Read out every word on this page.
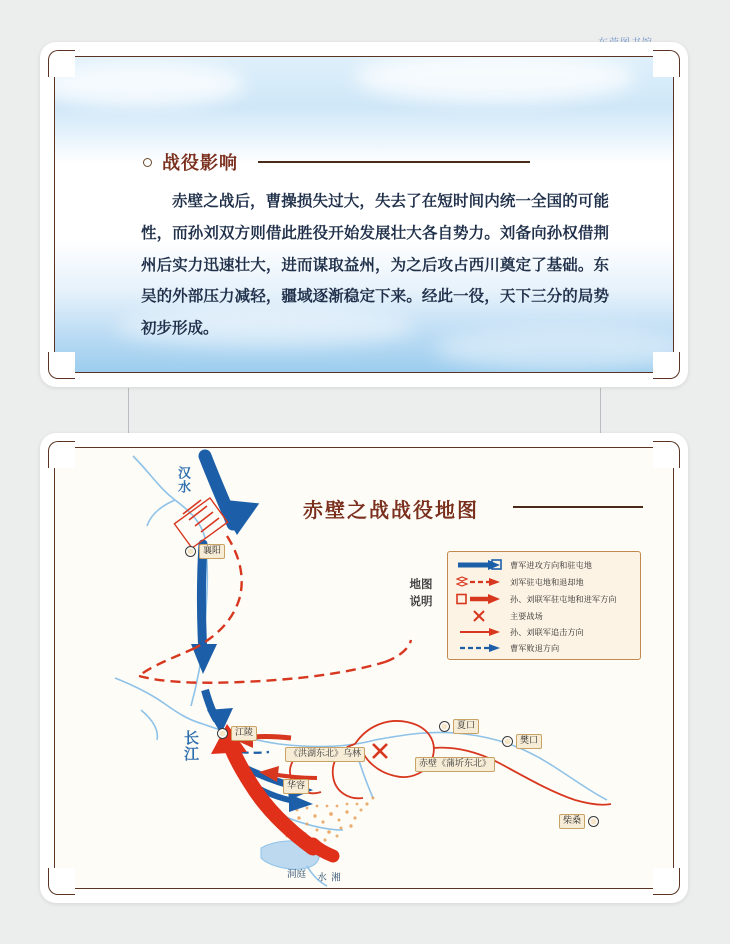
战役影响
赤壁之战后，曹操损失过大，失去了在短时间内统一全国的可能性，而孙刘双方则借此胜役开始发展壮大各自势力。刘备向孙权借荆州后实力迅速壮大，进而谋取益州，为之后攻占西川奠定了基础。东吴的外部压力减轻，疆域逐渐稳定下来。经此一役，天下三分的局势初步形成。
赤壁之战战役地图
地图
说明
曹军进攻方向和驻屯地
刘军驻屯地和退却地
孙、刘联军驻屯地和进军方向
主要战场
孙、刘联军追击方向
曹军败退方向
汉水
长江
洞庭	湘水
襄阳
江陵
夏口
樊口
柴桑
《洪湖东北》乌林
赤壁《蒲圻东北》
华容
